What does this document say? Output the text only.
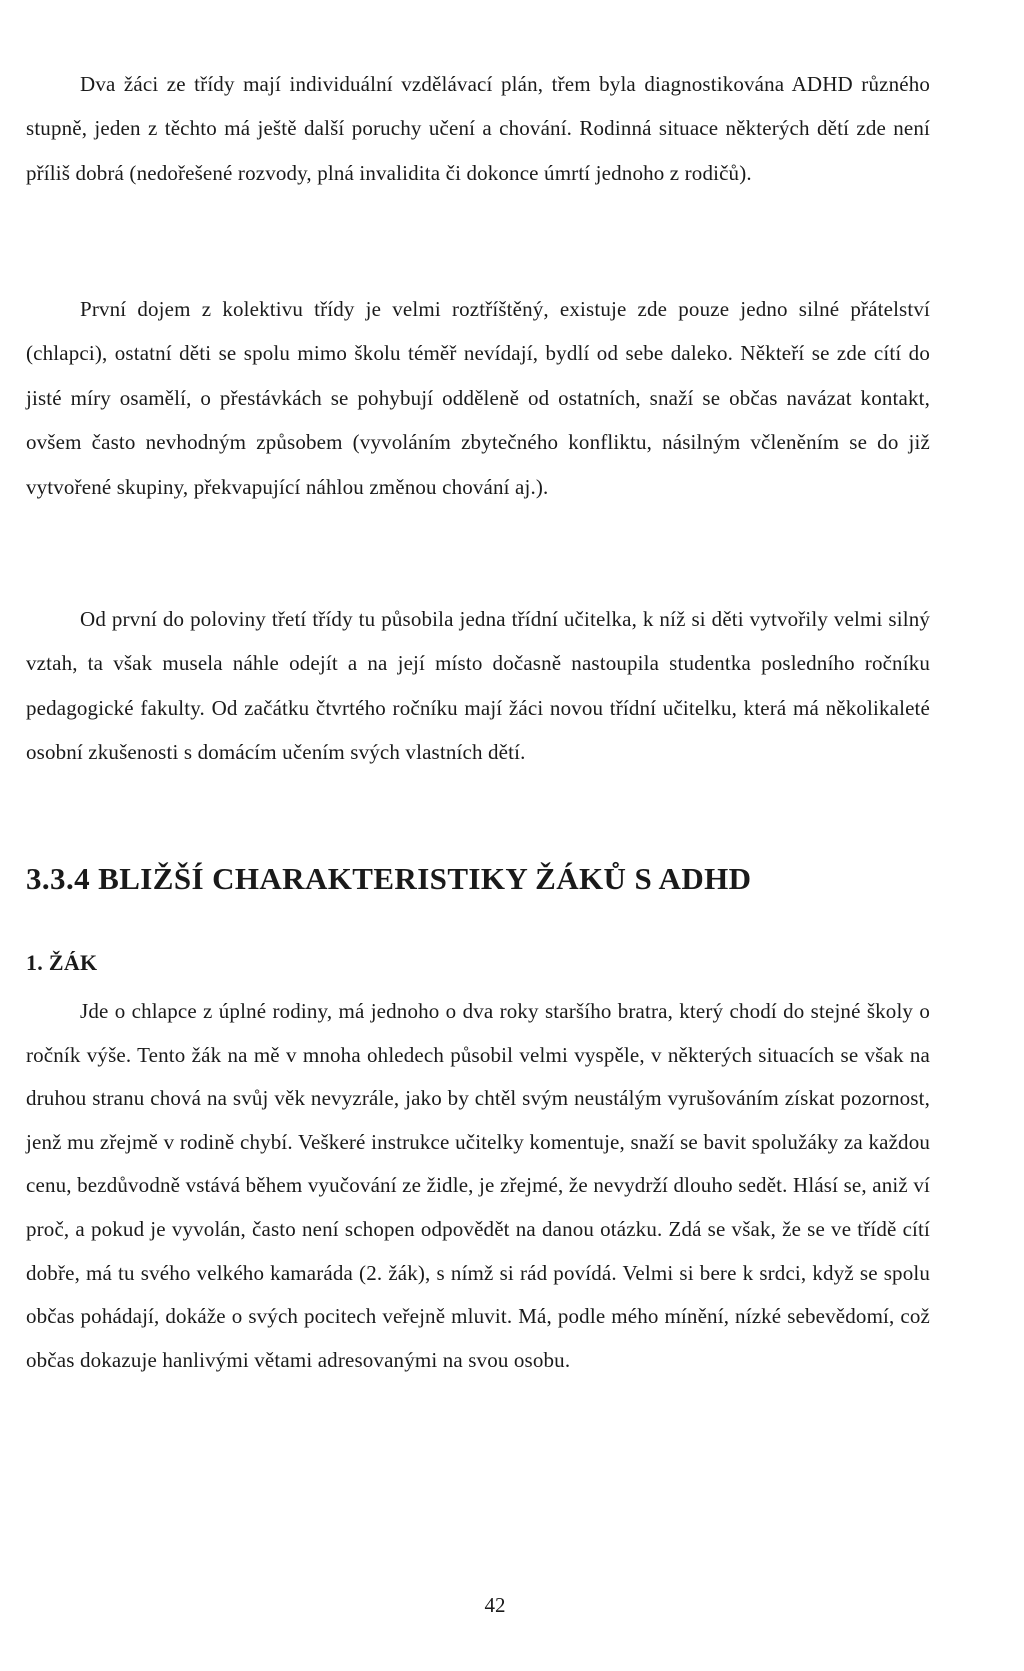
Dva žáci ze třídy mají individuální vzdělávací plán, třem byla diagnostikována ADHD různého stupně, jeden z těchto má ještě další poruchy učení a chování. Rodinná situace některých dětí zde není příliš dobrá (nedořešené rozvody, plná invalidita či dokonce úmrtí jednoho z rodičů).

První dojem z kolektivu třídy je velmi roztříštěný, existuje zde pouze jedno silné přátelství (chlapci), ostatní děti se spolu mimo školu téměř nevídají, bydlí od sebe daleko. Někteří se zde cítí do jisté míry osamělí, o přestávkách se pohybují odděleně od ostatních, snaží se občas navázat kontakt, ovšem často nevhodným způsobem (vyvoláním zbytečného konfliktu, násilným včleněním se do již vytvořené skupiny, překvapující náhlou změnou chování aj.).

Od první do poloviny třetí třídy tu působila jedna třídní učitelka, k níž si děti vytvořily velmi silný vztah, ta však musela náhle odejít a na její místo dočasně nastoupila studentka posledního ročníku pedagogické fakulty. Od začátku čtvrtého ročníku mají žáci novou třídní učitelku, která má několikaleté osobní zkušenosti s domácím učením svých vlastních dětí.

3.3.4 BLIŽŠÍ CHARAKTERISTIKY ŽÁKŮ S ADHD
1. ŽÁK

Jde o chlapce z úplné rodiny, má jednoho o dva roky staršího bratra, který chodí do stejné školy o ročník výše. Tento žák na mě v mnoha ohledech působil velmi vyspěle, v některých situacích se však na druhou stranu chová na svůj věk nevyzrále, jako by chtěl svým neustálým vyrušováním získat pozornost, jenž mu zřejmě v rodině chybí. Veškeré instrukce učitelky komentuje, snaží se bavit spolužáky za každou cenu, bezdůvodně vstává během vyučování ze židle, je zřejmé, že nevydrží dlouho sedět. Hlásí se, aniž ví proč, a pokud je vyvolán, často není schopen odpovědět na danou otázku. Zdá se však, že se ve třídě cítí dobře, má tu svého velkého kamaráda (2. žák), s nímž si rád povídá. Velmi si bere k srdci, když se spolu občas pohádají, dokáže o svých pocitech veřejně mluvit. Má, podle mého mínění, nízké sebevědomí, což občas dokazuje hanlivými větami adresovanými na svou osobu.

42
